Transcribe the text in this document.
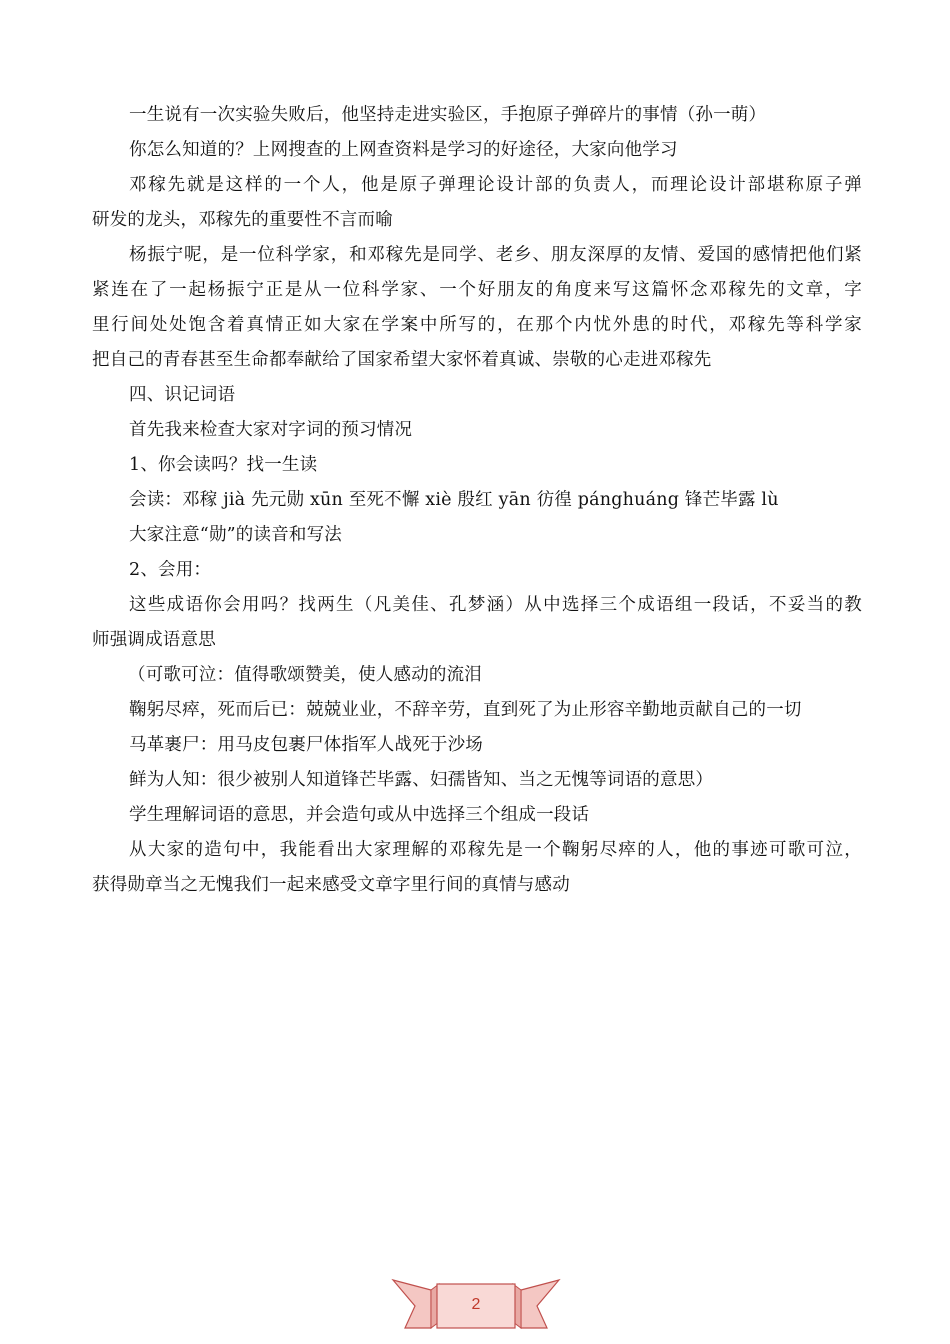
一生说有一次实验失败后，他坚持走进实验区，手抱原子弹碎片的事情（孙一萌）
你怎么知道的？上网搜查的上网查资料是学习的好途径，大家向他学习
邓稼先就是这样的一个人，他是原子弹理论设计部的负责人，而理论设计部堪称原子弹
研发的龙头，邓稼先的重要性不言而喻
杨振宁呢，是一位科学家，和邓稼先是同学、老乡、朋友深厚的友情、爱国的感情把他们紧
紧连在了一起杨振宁正是从一位科学家、一个好朋友的角度来写这篇怀念邓稼先的文章，字
里行间处处饱含着真情正如大家在学案中所写的，在那个内忧外患的时代，邓稼先等科学家
把自己的青春甚至生命都奉献给了国家希望大家怀着真诚、崇敬的心走进邓稼先
四、识记词语
首先我来检查大家对字词的预习情况
1、你会读吗？找一生读
会读：邓稼 jià 先元勋 xūn 至死不懈 xiè 殷红 yān 彷徨 pánghuáng 锋芒毕露 lù
大家注意“勋”的读音和写法
2、会用：
这些成语你会用吗？找两生（凡美佳、孔梦涵）从中选择三个成语组一段话，不妥当的教
师强调成语意思
（可歌可泣：值得歌颂赞美，使人感动的流泪
鞠躬尽瘁，死而后已：兢兢业业，不辞辛劳，直到死了为止形容辛勤地贡献自己的一切
马革裹尸：用马皮包裹尸体指军人战死于沙场
鲜为人知：很少被别人知道锋芒毕露、妇孺皆知、当之无愧等词语的意思）
学生理解词语的意思，并会造句或从中选择三个组成一段话
从大家的造句中，我能看出大家理解的邓稼先是一个鞠躬尽瘁的人，他的事迹可歌可泣，
获得勋章当之无愧我们一起来感受文章字里行间的真情与感动
2
